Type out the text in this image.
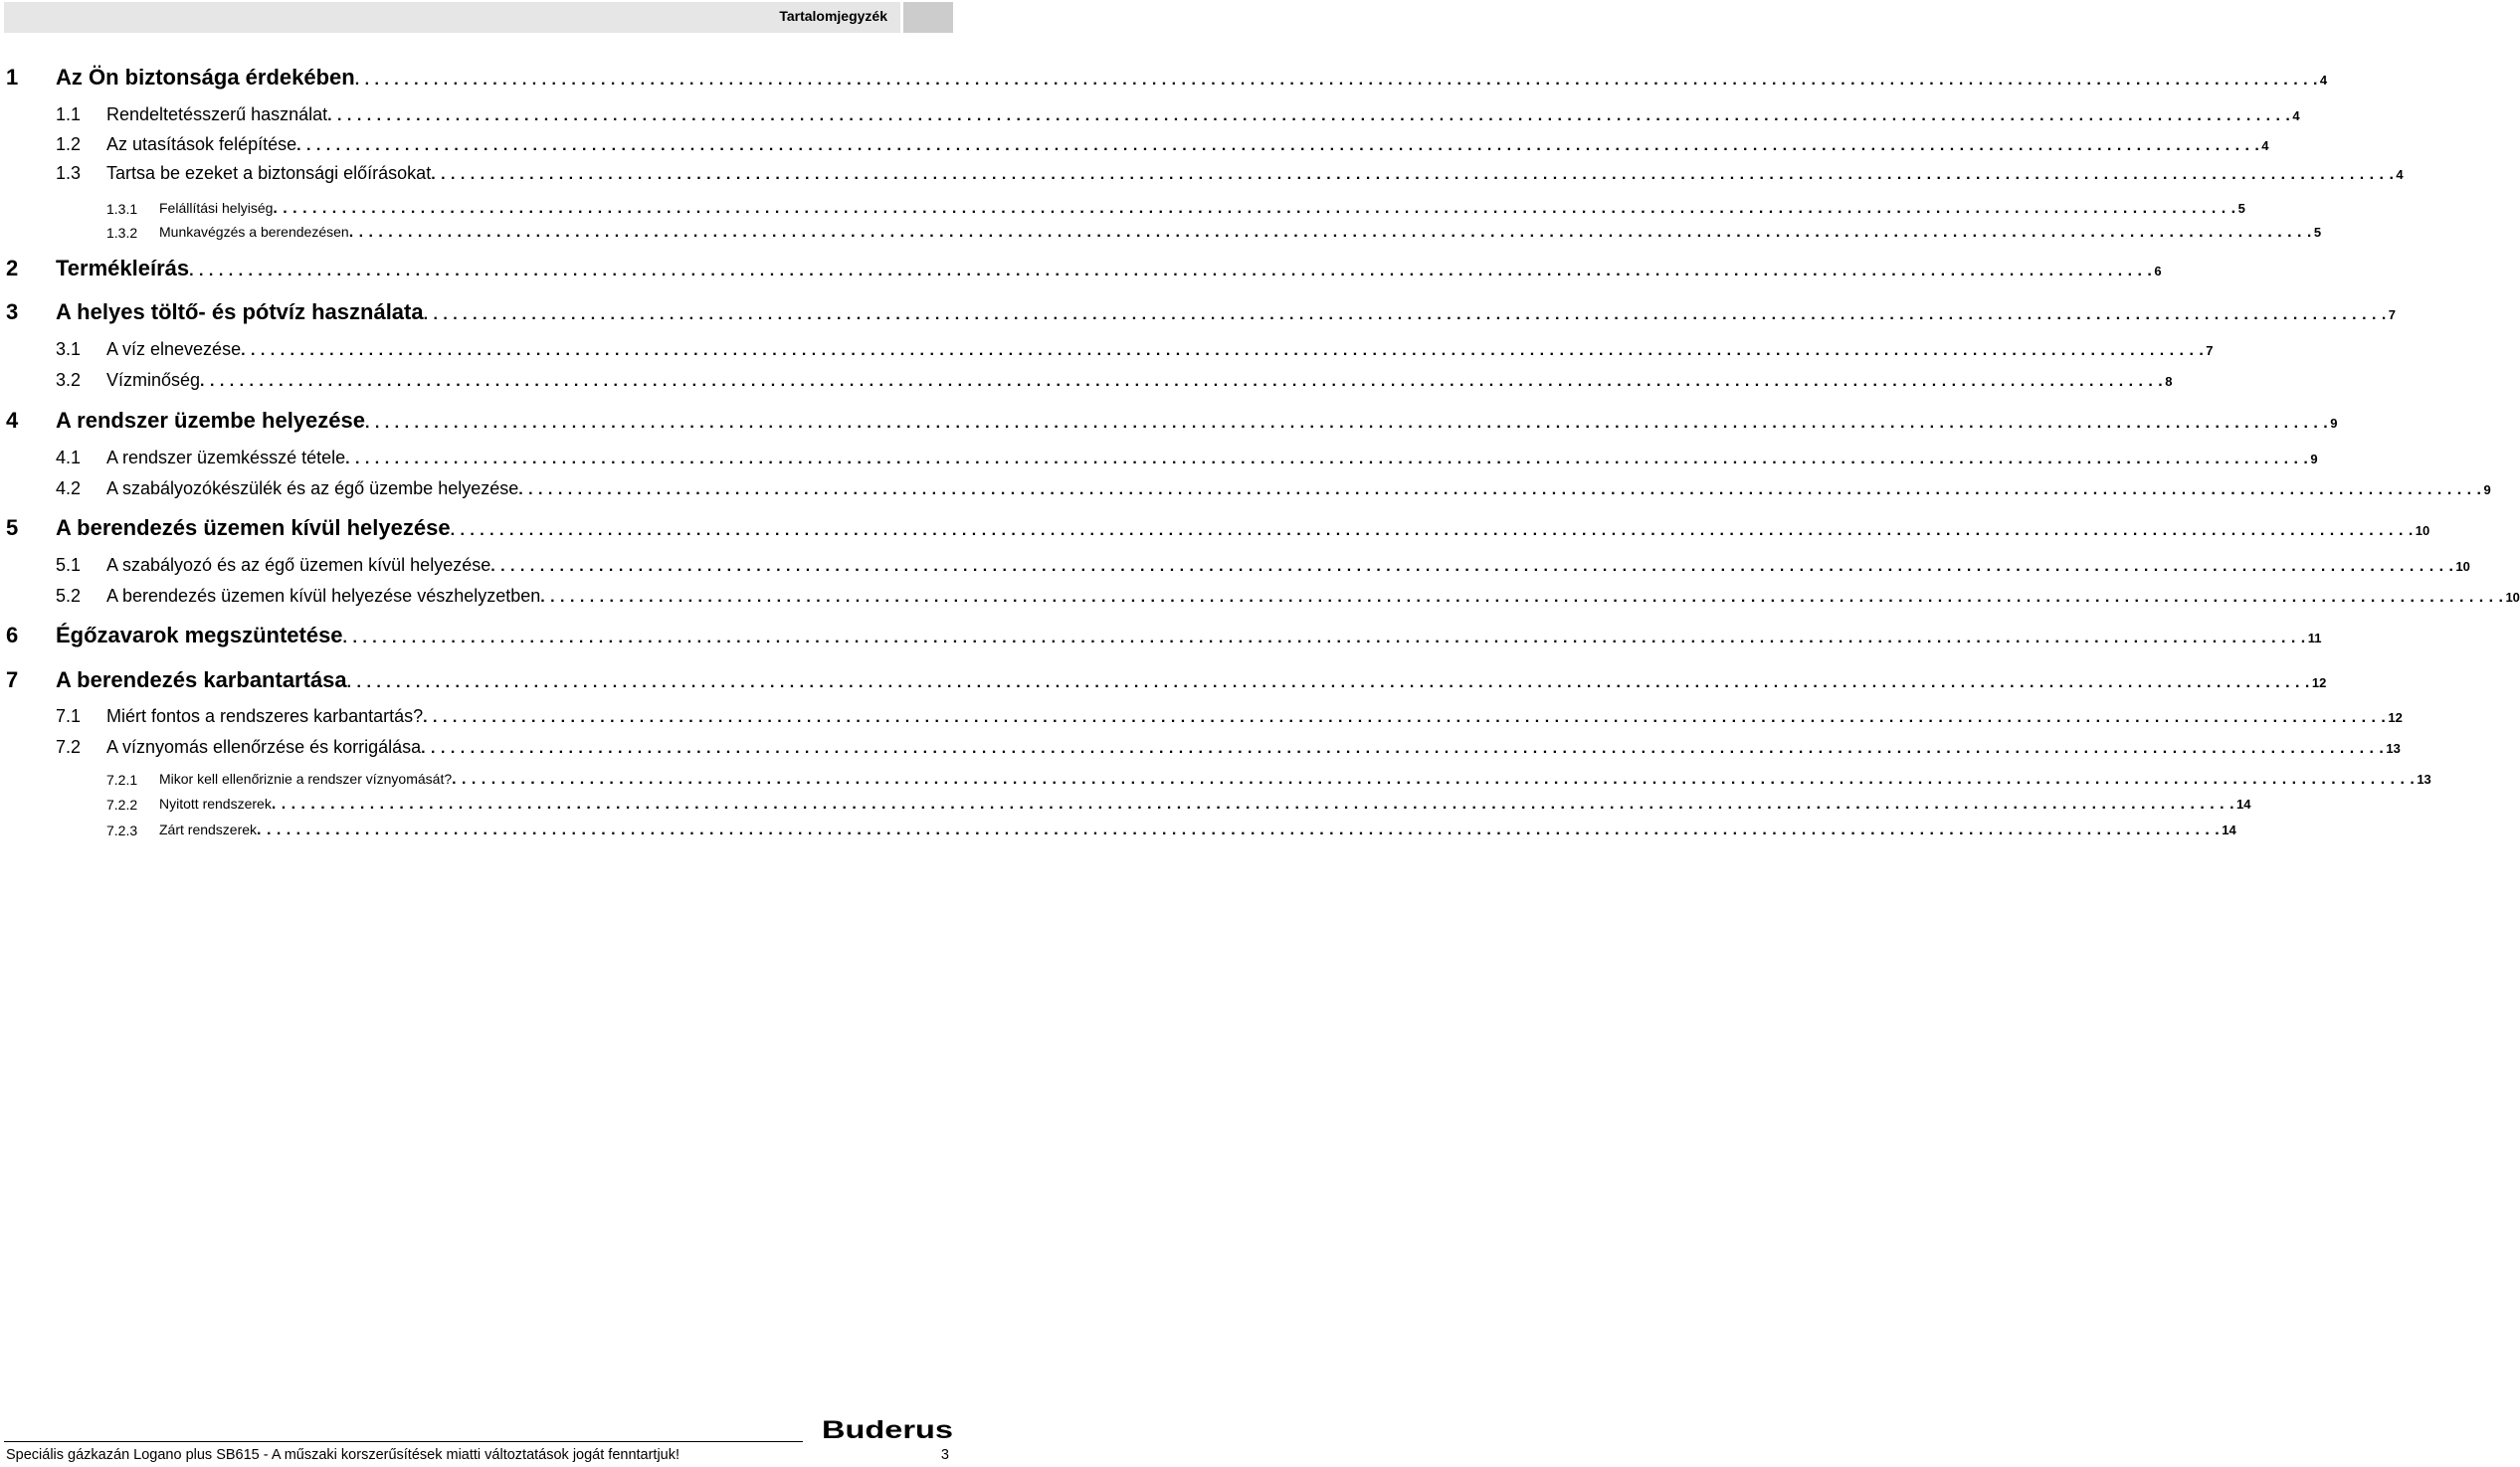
Tartalomjegyzék
1 Az Ön biztonsága érdekében . . . . . . . . . . . . . . . . . . . . . . . . . . . . . . . . . . . . . . . . . . . . . . . . . . . . . . . . . . . . . . . . . . . . . . . . . . . . . . . . . . . . . . . . . . . . . . . . . . . . . . . . . . . . . . . . . . . . . . . . . . . . . . . . . . . . . . . . . . . . . . . . . . . . . . . . . . . . . . . . . . . . . . . . . . . . . . . . . . . . . . . . . . . . . . . . . . . . . . . . 4
1.1 Rendeltetésszerű használat . . . . . . . . . . . . . . . . . . . . . . . . . . . . . . . . . . . . . . . . . . . . . . . . . . . . . . . . . . . . . . . . . . . . . . . . . . . . . . . . . . . . . . . . . . . . . . . . . . . . . . . . . . . . . . . . . . . . . . . . . . . . . . . . . . . . . . . . . . . . . . . . . . . . . . . . . . . . . . . . . . . . . . . . . . . . . . . . . . . . . . . . . . . . . . . . . . . . . . . . 4
1.2 Az utasítások felépítése . . . . . . . . . . . . . . . . . . . . . . . . . . . . . . . . . . . . . . . . . . . . . . . . . . . . . . . . . . . . . . . . . . . . . . . . . . . . . . . . . . . . . . . . . . . . . . . . . . . . . . . . . . . . . . . . . . . . . . . . . . . . . . . . . . . . . . . . . . . . . . . . . . . . . . . . . . . . . . . . . . . . . . . . . . . . . . . . . . . . . . . . . . . . . . . . . . . . . . . . 4
1.3 Tartsa be ezeket a biztonsági előírásokat . . . . . . . . . . . . . . . . . . . . . . . . . . . . . . . . . . . . . . . . . . . . . . . . . . . . . . . . . . . . . . . . . . . . . . . . . . . . . . . . . . . . . . . . . . . . . . . . . . . . . . . . . . . . . . . . . . . . . . . . . . . . . . . . . . . . . . . . . . . . . . . . . . . . . . . . . . . . . . . . . . . . . . . . . . . . . . . . . . . . . . . . . . . . . . . . . . . . . . . . 4
1.3.1 Felállítási helyiség . . . . . . . . . . . . . . . . . . . . . . . . . . . . . . . . . . . . . . . . . . . . . . . . . . . . . . . . . . . . . . . . . . . . . . . . . . . . . . . . . . . . . . . . . . . . . . . . . . . . . . . . . . . . . . . . . . . . . . . . . . . . . . . . . . . . . . . . . . . . . . . . . . . . . . . . . . . . . . . . . . . . . . . . . . . . . . . . . . . . . . . . . . . . . . . . . . . . . . . . 5
1.3.2 Munkavégzés a berendezésen . . . . . . . . . . . . . . . . . . . . . . . . . . . . . . . . . . . . . . . . . . . . . . . . . . . . . . . . . . . . . . . . . . . . . . . . . . . . . . . . . . . . . . . . . . . . . . . . . . . . . . . . . . . . . . . . . . . . . . . . . . . . . . . . . . . . . . . . . . . . . . . . . . . . . . . . . . . . . . . . . . . . . . . . . . . . . . . . . . . . . . . . . . . . . . . . . . . . . . . . 5
2 Termékleírás . . . . . . . . . . . . . . . . . . . . . . . . . . . . . . . . . . . . . . . . . . . . . . . . . . . . . . . . . . . . . . . . . . . . . . . . . . . . . . . . . . . . . . . . . . . . . . . . . . . . . . . . . . . . . . . . . . . . . . . . . . . . . . . . . . . . . . . . . . . . . . . . . . . . . . . . . . . . . . . . . . . . . . . . . . . . . . . . . . . . . . . . . . . . . . . . . . . . . . . . 6
3 A helyes töltő- és pótvíz használata . . . . . . . . . . . . . . . . . . . . . . . . . . . . . . . . . . . . . . . . . . . . . . . . . . . . . . . . . . . . . . . . . . . . . . . . . . . . . . . . . . . . . . . . . . . . . . . . . . . . . . . . . . . . . . . . . . . . . . . . . . . . . . . . . . . . . . . . . . . . . . . . . . . . . . . . . . . . . . . . . . . . . . . . . . . . . . . . . . . . . . . . . . . . . . . . . . . . . . . . 7
3.1 A víz elnevezése . . . . . . . . . . . . . . . . . . . . . . . . . . . . . . . . . . . . . . . . . . . . . . . . . . . . . . . . . . . . . . . . . . . . . . . . . . . . . . . . . . . . . . . . . . . . . . . . . . . . . . . . . . . . . . . . . . . . . . . . . . . . . . . . . . . . . . . . . . . . . . . . . . . . . . . . . . . . . . . . . . . . . . . . . . . . . . . . . . . . . . . . . . . . . . . . . . . . . . . . 7
3.2 Vízminőség . . . . . . . . . . . . . . . . . . . . . . . . . . . . . . . . . . . . . . . . . . . . . . . . . . . . . . . . . . . . . . . . . . . . . . . . . . . . . . . . . . . . . . . . . . . . . . . . . . . . . . . . . . . . . . . . . . . . . . . . . . . . . . . . . . . . . . . . . . . . . . . . . . . . . . . . . . . . . . . . . . . . . . . . . . . . . . . . . . . . . . . . . . . . . . . . . . . . . . . . 8
4 A rendszer üzembe helyezése . . . . . . . . . . . . . . . . . . . . . . . . . . . . . . . . . . . . . . . . . . . . . . . . . . . . . . . . . . . . . . . . . . . . . . . . . . . . . . . . . . . . . . . . . . . . . . . . . . . . . . . . . . . . . . . . . . . . . . . . . . . . . . . . . . . . . . . . . . . . . . . . . . . . . . . . . . . . . . . . . . . . . . . . . . . . . . . . . . . . . . . . . . . . . . . . . . . . . . . . 9
4.1 A rendszer üzemkésszé tétele . . . . . . . . . . . . . . . . . . . . . . . . . . . . . . . . . . . . . . . . . . . . . . . . . . . . . . . . . . . . . . . . . . . . . . . . . . . . . . . . . . . . . . . . . . . . . . . . . . . . . . . . . . . . . . . . . . . . . . . . . . . . . . . . . . . . . . . . . . . . . . . . . . . . . . . . . . . . . . . . . . . . . . . . . . . . . . . . . . . . . . . . . . . . . . . . . . . . . . . . 9
4.2 A szabályozókészülék és az égő üzembe helyezése . . . . . . . . . . . . . . . . . . . . . . . . . . . . . . . . . . . . . . . . . . . . . . . . . . . . . . . . . . . . . . . . . . . . . . . . . . . . . . . . . . . . . . . . . . . . . . . . . . . . . . . . . . . . . . . . . . . . . . . . . . . . . . . . . . . . . . . . . . . . . . . . . . . . . . . . . . . . . . . . . . . . . . . . . . . . . . . . . . . . . . . . . . . . . . . . . . . . . . . . 9
5 A berendezés üzemen kívül helyezése . . . . . . . . . . . . . . . . . . . . . . . . . . . . . . . . . . . . . . . . . . . . . . . . . . . . . . . . . . . . . . . . . . . . . . . . . . . . . . . . . . . . . . . . . . . . . . . . . . . . . . . . . . . . . . . . . . . . . . . . . . . . . . . . . . . . . . . . . . . . . . . . . . . . . . . . . . . . . . . . . . . . . . . . . . . . . . . . . . . . . . . . . . . . . . . . . . . . . . . . 10
5.1 A szabályozó és az égő üzemen kívül helyezése . . . . . . . . . . . . . . . . . . . . . . . . . . . . . . . . . . . . . . . . . . . . . . . . . . . . . . . . . . . . . . . . . . . . . . . . . . . . . . . . . . . . . . . . . . . . . . . . . . . . . . . . . . . . . . . . . . . . . . . . . . . . . . . . . . . . . . . . . . . . . . . . . . . . . . . . . . . . . . . . . . . . . . . . . . . . . . . . . . . . . . . . . . . . . . . . . . . . . . . . 10
5.2 A berendezés üzemen kívül helyezése vészhelyzetben . . . . . . . . . . . . . . . . . . . . . . . . . . . . . . . . . . . . . . . . . . . . . . . . . . . . . . . . . . . . . . . . . . . . . . . . . . . . . . . . . . . . . . . . . . . . . . . . . . . . . . . . . . . . . . . . . . . . . . . . . . . . . . . . . . . . . . . . . . . . . . . . . . . . . . . . . . . . . . . . . . . . . . . . . . . . . . . . . . . . . . . . . . . . . . . . . . . . . . . . 10
6 Égőzavarok megszüntetése . . . . . . . . . . . . . . . . . . . . . . . . . . . . . . . . . . . . . . . . . . . . . . . . . . . . . . . . . . . . . . . . . . . . . . . . . . . . . . . . . . . . . . . . . . . . . . . . . . . . . . . . . . . . . . . . . . . . . . . . . . . . . . . . . . . . . . . . . . . . . . . . . . . . . . . . . . . . . . . . . . . . . . . . . . . . . . . . . . . . . . . . . . . . . . . . . . . . . . . . 11
7 A berendezés karbantartása . . . . . . . . . . . . . . . . . . . . . . . . . . . . . . . . . . . . . . . . . . . . . . . . . . . . . . . . . . . . . . . . . . . . . . . . . . . . . . . . . . . . . . . . . . . . . . . . . . . . . . . . . . . . . . . . . . . . . . . . . . . . . . . . . . . . . . . . . . . . . . . . . . . . . . . . . . . . . . . . . . . . . . . . . . . . . . . . . . . . . . . . . . . . . . . . . . . . . . . . 12
7.1 Miért fontos a rendszeres karbantartás? . . . . . . . . . . . . . . . . . . . . . . . . . . . . . . . . . . . . . . . . . . . . . . . . . . . . . . . . . . . . . . . . . . . . . . . . . . . . . . . . . . . . . . . . . . . . . . . . . . . . . . . . . . . . . . . . . . . . . . . . . . . . . . . . . . . . . . . . . . . . . . . . . . . . . . . . . . . . . . . . . . . . . . . . . . . . . . . . . . . . . . . . . . . . . . . . . . . . . . . . 12
7.2 A víznyomás ellenőrzése és korrigálása . . . . . . . . . . . . . . . . . . . . . . . . . . . . . . . . . . . . . . . . . . . . . . . . . . . . . . . . . . . . . . . . . . . . . . . . . . . . . . . . . . . . . . . . . . . . . . . . . . . . . . . . . . . . . . . . . . . . . . . . . . . . . . . . . . . . . . . . . . . . . . . . . . . . . . . . . . . . . . . . . . . . . . . . . . . . . . . . . . . . . . . . . . . . . . . . . . . . . . . . 13
7.2.1 Mikor kell ellenőriznie a rendszer víznyomását? . . . . . . . . . . . . . . . . . . . . . . . . . . . . . . . . . . . . . . . . . . . . . . . . . . . . . . . . . . . . . . . . . . . . . . . . . . . . . . . . . . . . . . . . . . . . . . . . . . . . . . . . . . . . . . . . . . . . . . . . . . . . . . . . . . . . . . . . . . . . . . . . . . . . . . . . . . . . . . . . . . . . . . . . . . . . . . . . . . . . . . . . . . . . . . . . . . . . . . . . 13
7.2.2 Nyitott rendszerek . . . . . . . . . . . . . . . . . . . . . . . . . . . . . . . . . . . . . . . . . . . . . . . . . . . . . . . . . . . . . . . . . . . . . . . . . . . . . . . . . . . . . . . . . . . . . . . . . . . . . . . . . . . . . . . . . . . . . . . . . . . . . . . . . . . . . . . . . . . . . . . . . . . . . . . . . . . . . . . . . . . . . . . . . . . . . . . . . . . . . . . . . . . . . . . . . . . . . . . . 14
7.2.3 Zárt rendszerek . . . . . . . . . . . . . . . . . . . . . . . . . . . . . . . . . . . . . . . . . . . . . . . . . . . . . . . . . . . . . . . . . . . . . . . . . . . . . . . . . . . . . . . . . . . . . . . . . . . . . . . . . . . . . . . . . . . . . . . . . . . . . . . . . . . . . . . . . . . . . . . . . . . . . . . . . . . . . . . . . . . . . . . . . . . . . . . . . . . . . . . . . . . . . . . . . . . . . . . . 14
Speciális gázkazán Logano plus SB615 - A műszaki korszerűsítések miatti változtatások jogát fenntartjuk!	3
Buderus
